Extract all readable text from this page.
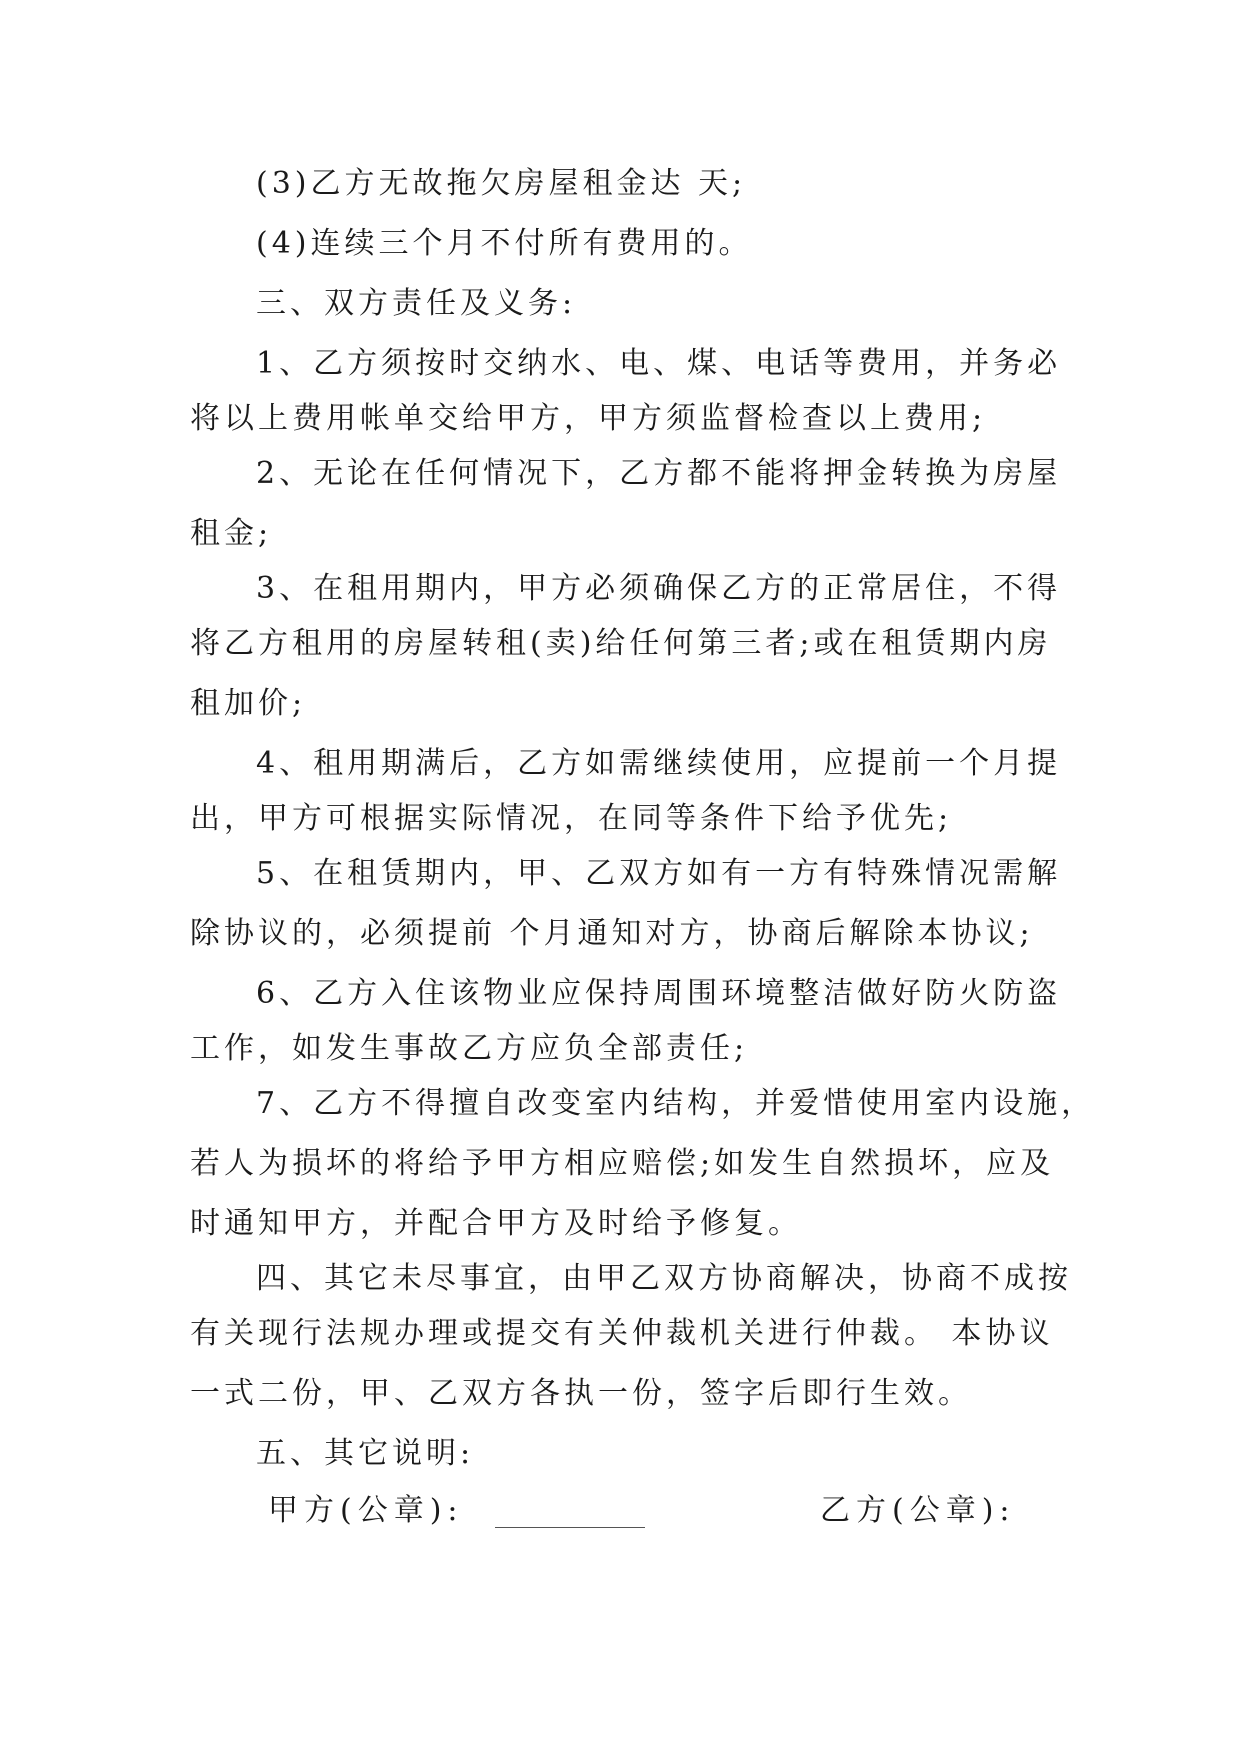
(3)乙方无故拖欠房屋租金达 天;
(4)连续三个月不付所有费用的。
三、双方责任及义务:
1、乙方须按时交纳水、电、煤、电话等费用，并务必
将以上费用帐单交给甲方，甲方须监督检查以上费用;
2、无论在任何情况下，乙方都不能将押金转换为房屋
租金;
3、在租用期内，甲方必须确保乙方的正常居住，不得
将乙方租用的房屋转租(卖)给任何第三者;或在租赁期内房
租加价;
4、租用期满后，乙方如需继续使用，应提前一个月提
出，甲方可根据实际情况，在同等条件下给予优先;
5、在租赁期内，甲、乙双方如有一方有特殊情况需解
除协议的，必须提前 个月通知对方，协商后解除本协议;
6、乙方入住该物业应保持周围环境整洁做好防火防盗
工作，如发生事故乙方应负全部责任;
7、乙方不得擅自改变室内结构，并爱惜使用室内设施，
若人为损坏的将给予甲方相应赔偿;如发生自然损坏，应及
时通知甲方，并配合甲方及时给予修复。
四、其它未尽事宜，由甲乙双方协商解决，协商不成按
有关现行法规办理或提交有关仲裁机关进行仲裁。 本协议
一式二份，甲、乙双方各执一份，签字后即行生效。
五、其它说明:
甲方(公章):	乙方(公章):
